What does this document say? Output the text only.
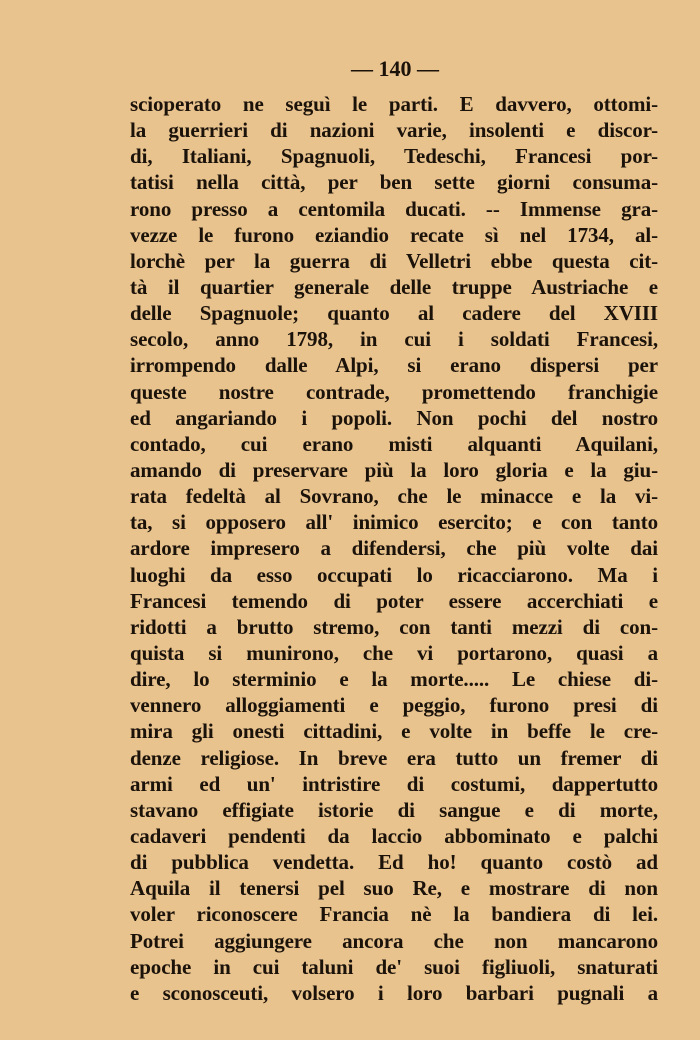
— 140 —
scioperato ne seguì le parti. E davvero, ottomi-
la guerrieri di nazioni varie, insolenti e discor-
di, Italiani, Spagnuoli, Tedeschi, Francesi por-
tatisi nella città, per ben sette giorni consuma-
rono presso a centomila ducati. -- Immense gra-
vezze le furono eziandio recate sì nel 1734, al-
lorchè per la guerra di Velletri ebbe questa cit-
tà il quartier generale delle truppe Austriache e
delle Spagnuole; quanto al cadere del XVIII
secolo, anno 1798, in cui i soldati Francesi,
irrompendo dalle Alpi, si erano dispersi per
queste nostre contrade, promettendo franchigie
ed angariando i popoli. Non pochi del nostro
contado, cui erano misti alquanti Aquilani,
amando di preservare più la loro gloria e la giu-
rata fedeltà al Sovrano, che le minacce e la vi-
ta, si opposero all' inimico esercito; e con tanto
ardore impresero a difendersi, che più volte dai
luoghi da esso occupati lo ricacciarono. Ma i
Francesi temendo di poter essere accerchiati e
ridotti a brutto stremo, con tanti mezzi di con-
quista si munirono, che vi portarono, quasi a
dire, lo sterminio e la morte..... Le chiese di-
vennero alloggiamenti e peggio, furono presi di
mira gli onesti cittadini, e volte in beffe le cre-
denze religiose. In breve era tutto un fremer di
armi ed un' intristire di costumi, dappertutto
stavano effigiate istorie di sangue e di morte,
cadaveri pendenti da laccio abbominato e palchi
di pubblica vendetta. Ed ho! quanto costò ad
Aquila il tenersi pel suo Re, e mostrare di non
voler riconoscere Francia nè la bandiera di lei.
Potrei aggiungere ancora che non mancarono
epoche in cui taluni de' suoi figliuoli, snaturati
e sconosceuti, volsero i loro barbari pugnali a
